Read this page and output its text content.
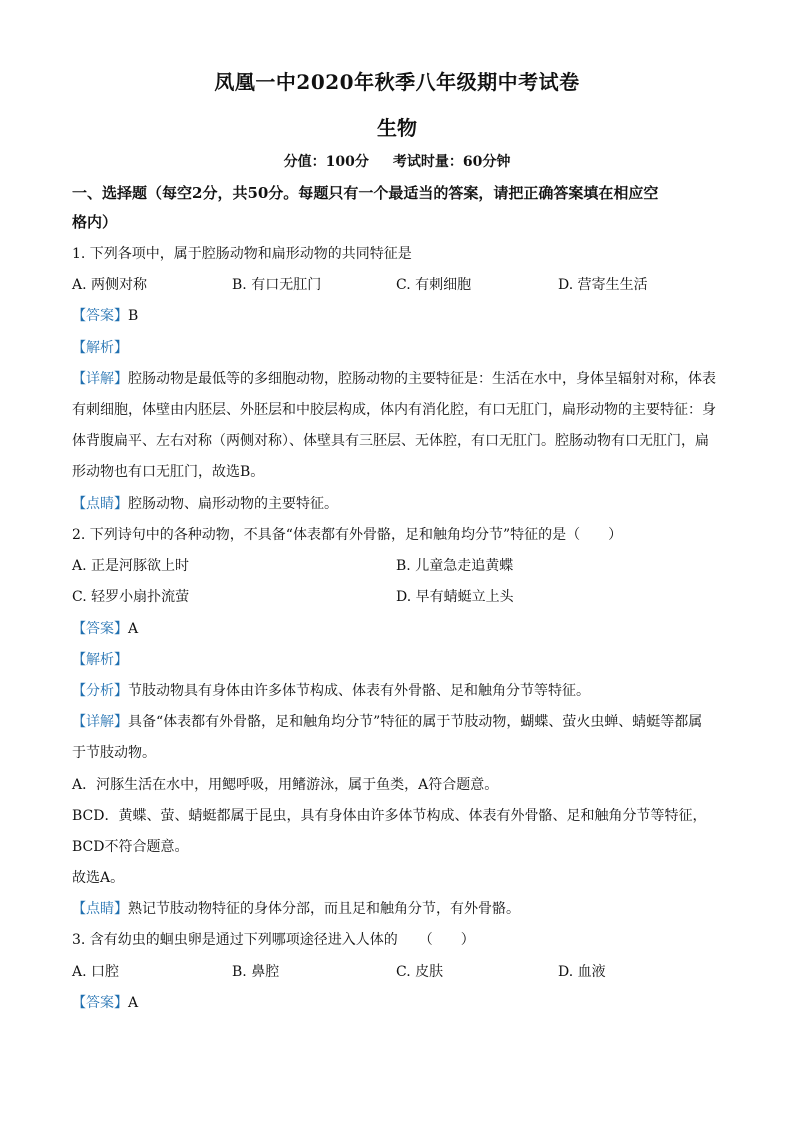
凤凰一中2020年秋季八年级期中考试卷
生物
分值：100分 考试时量：60分钟
一、选择题（每空2分，共50分。每题只有一个最适当的答案，请把正确答案填在相应空
格内）
1. 下列各项中，属于腔肠动物和扁形动物的共同特征是
A. 两侧对称	B. 有口无肛门	C. 有刺细胞	D. 营寄生生活
【答案】B
【解析】
【详解】腔肠动物是最低等的多细胞动物，腔肠动物的主要特征是：生活在水中，身体呈辐射对称，体表
有刺细胞，体壁由内胚层、外胚层和中胶层构成，体内有消化腔，有口无肛门，扁形动物的主要特征：身
体背腹扁平、左右对称（两侧对称）、体壁具有三胚层、无体腔，有口无肛门。腔肠动物有口无肛门，扁
形动物也有口无肛门，故选B。
【点睛】腔肠动物、扁形动物的主要特征。
2. 下列诗句中的各种动物，不具备“体表都有外骨骼，足和触角均分节”特征的是（　　）
A. 正是河豚欲上时	B. 儿童急走追黄蝶
C. 轻罗小扇扑流萤	D. 早有蜻蜓立上头
【答案】A
【解析】
【分析】节肢动物具有身体由许多体节构成、体表有外骨骼、足和触角分节等特征。
【详解】具备“体表都有外骨骼，足和触角均分节”特征的属于节肢动物，蝴蝶、萤火虫蝉、蜻蜓等都属
于节肢动物。
A．河豚生活在水中，用鳃呼吸，用鳍游泳，属于鱼类，A符合题意。
BCD．黄蝶、萤、蜻蜓都属于昆虫，具有身体由许多体节构成、体表有外骨骼、足和触角分节等特征，
BCD不符合题意。
故选A。
【点睛】熟记节肢动物特征的身体分部，而且足和触角分节，有外骨骼。
3. 含有幼虫的蛔虫卵是通过下列哪项途径进入人体的　　（　　）
A. 口腔	B. 鼻腔	C. 皮肤	D. 血液
【答案】A
